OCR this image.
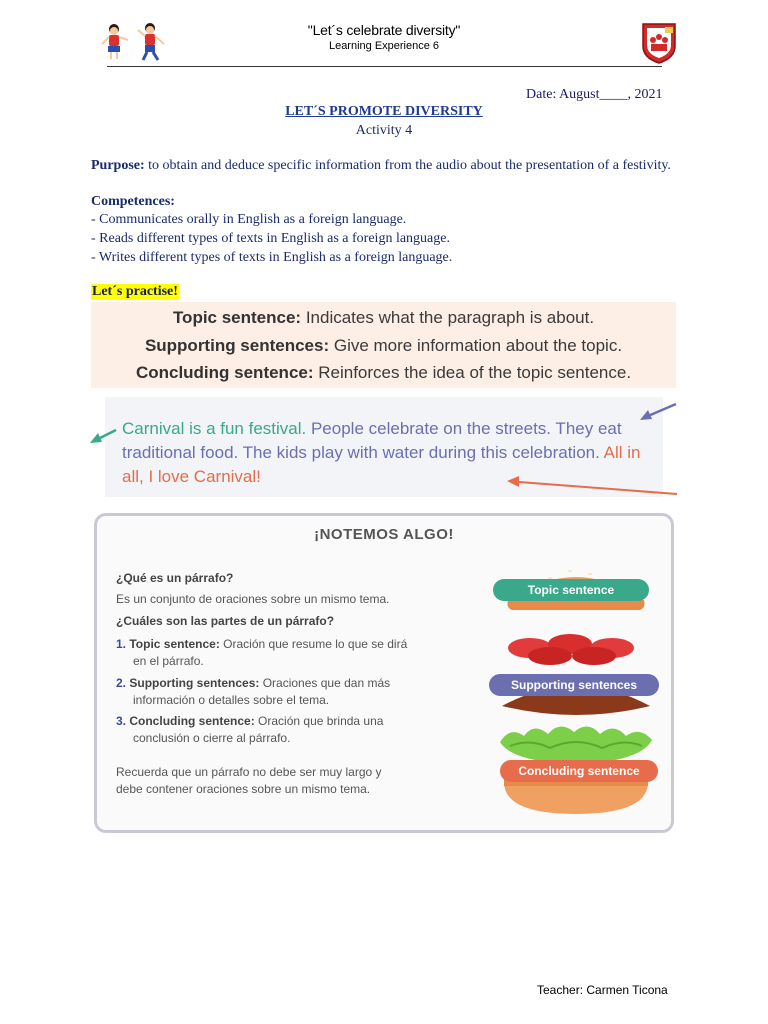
"Let´s celebrate diversity"
Learning Experience 6
Date: August____, 2021
LET´S PROMOTE DIVERSITY
Activity 4
Purpose: to obtain and deduce specific information from the audio about the presentation of a festivity.
Competences:
- Communicates orally in English as a foreign language.
- Reads different types of texts in English as a foreign language.
- Writes different types of texts in English as a foreign language.
Let´s practise!
Topic sentence: Indicates what the paragraph is about.
Supporting sentences: Give more information about the topic.
Concluding sentence: Reinforces the idea of the topic sentence.
Carnival is a fun festival. People celebrate on the streets. They eat traditional food. The kids play with water during this celebration. All in all, I love Carnival!
¡NOTEMOS ALGO!
¿Qué es un párrafo?
Es un conjunto de oraciones sobre un mismo tema.
¿Cuáles son las partes de un párrafo?
1. Topic sentence: Oración que resume lo que se dirá
en el párrafo.
2. Supporting sentences: Oraciones que dan más
información o detalles sobre el tema.
3. Concluding sentence: Oración que brinda una
conclusión o cierre al párrafo.
Recuerda que un párrafo no debe ser muy largo y
debe contener oraciones sobre un mismo tema.
Topic sentence
Supporting sentences
Concluding sentence
Teacher: Carmen Ticona
